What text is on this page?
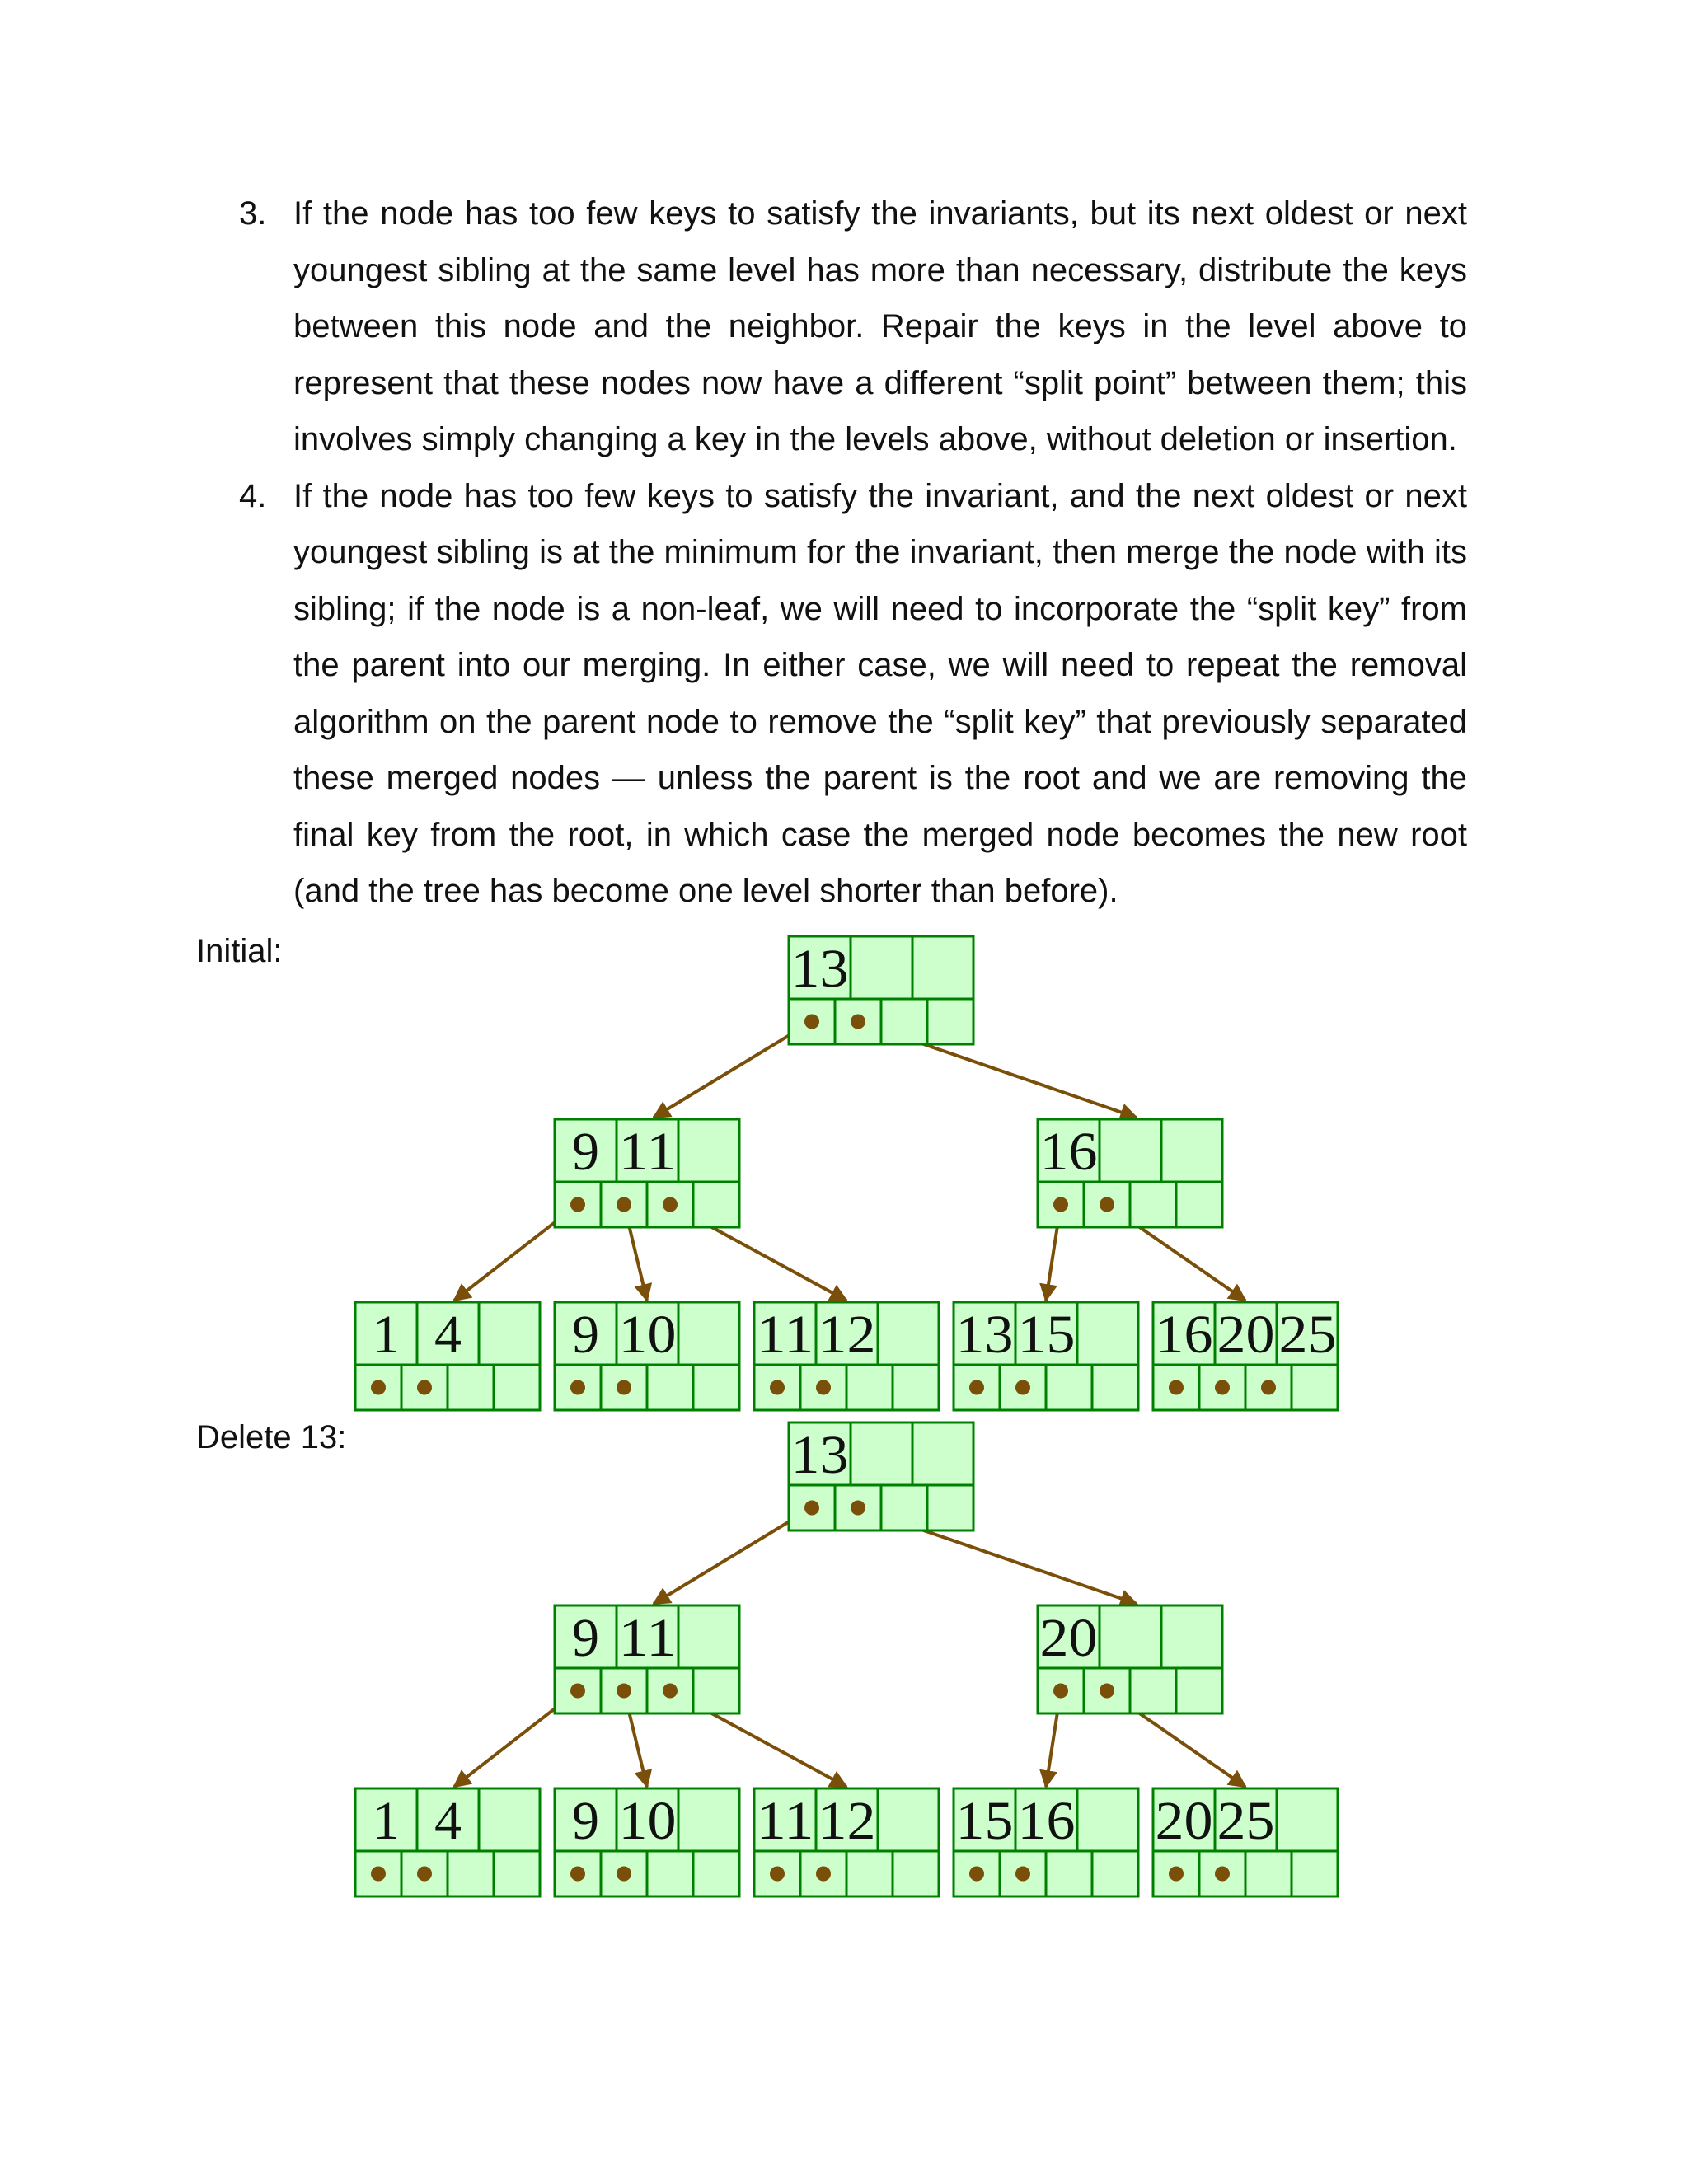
3. If the node has too few keys to satisfy the invariants, but its next oldest or next youngest sibling at the same level has more than necessary, distribute the keys between this node and the neighbor. Repair the keys in the level above to represent that these nodes now have a different “split point” between them; this involves simply changing a key in the levels above, without deletion or insertion.
4. If the node has too few keys to satisfy the invariant, and the next oldest or next youngest sibling is at the minimum for the invariant, then merge the node with its sibling; if the node is a non-leaf, we will need to incorporate the “split key” from the parent into our merging. In either case, we will need to repeat the removal algorithm on the parent node to remove the “split key” that previously separated these merged nodes — unless the parent is the root and we are removing the final key from the root, in which case the merged node becomes the new root (and the tree has become one level shorter than before).
Initial:
Delete 13:
13
9 11	16
1 4 9 10 11 12 13 15 16 20 25
13
9 11	20
1 4 9 10 11 12 15 16 20 25
